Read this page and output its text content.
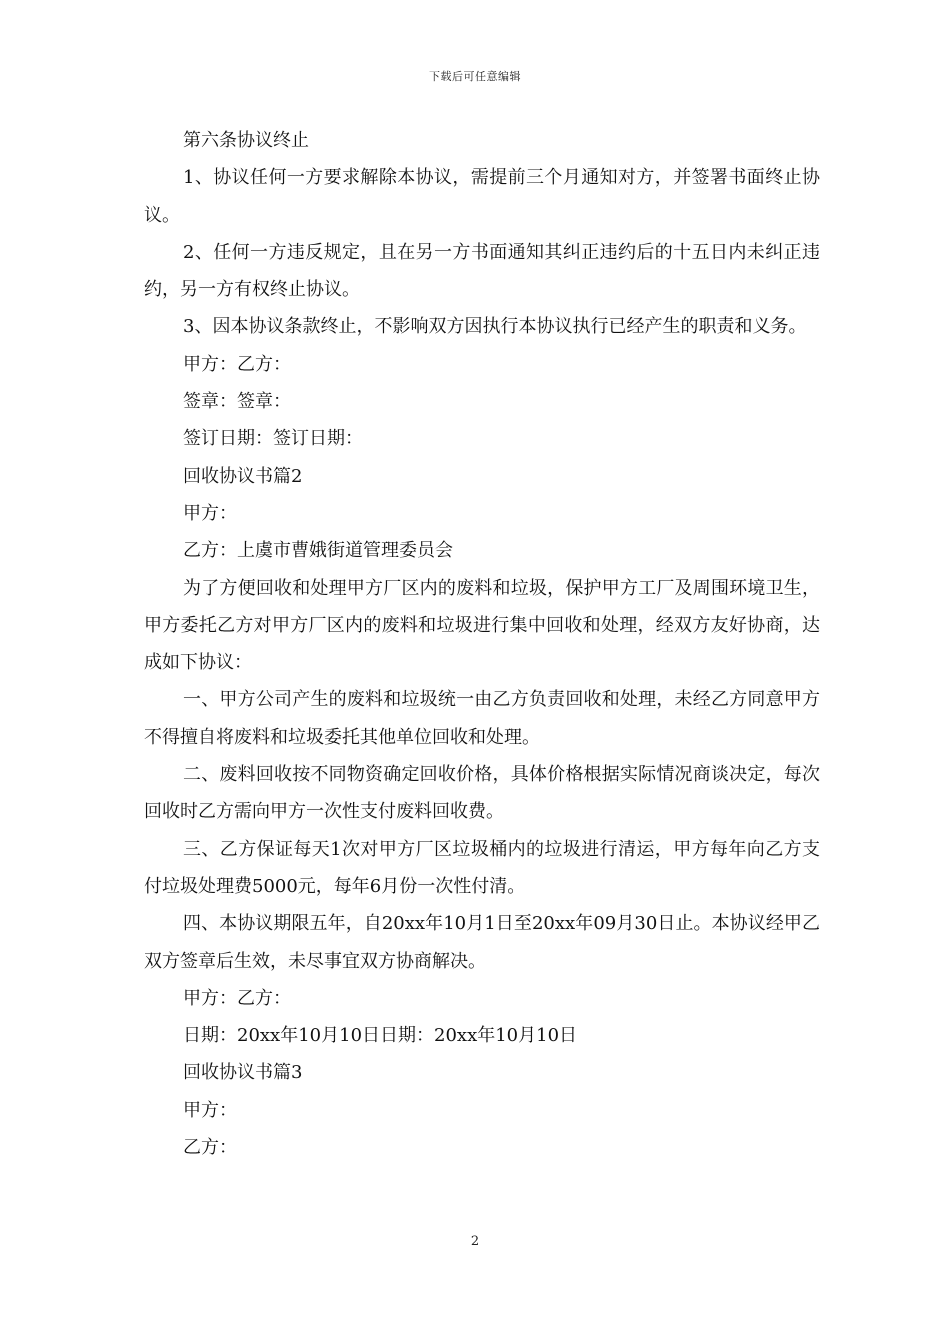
下载后可任意编辑

第六条协议终止

1、协议任何一方要求解除本协议，需提前三个月通知对方，并签署书面终止协议。

2、任何一方违反规定，且在另一方书面通知其纠正违约后的十五日内未纠正违约，另一方有权终止协议。

3、因本协议条款终止，不影响双方因执行本协议执行已经产生的职责和义务。

甲方：乙方：

签章：签章：

签订日期：签订日期：

回收协议书篇2

甲方：

乙方：上虞市曹娥街道管理委员会

为了方便回收和处理甲方厂区内的废料和垃圾，保护甲方工厂及周围环境卫生，甲方委托乙方对甲方厂区内的废料和垃圾进行集中回收和处理，经双方友好协商，达成如下协议：

一、甲方公司产生的废料和垃圾统一由乙方负责回收和处理，未经乙方同意甲方不得擅自将废料和垃圾委托其他单位回收和处理。

二、废料回收按不同物资确定回收价格，具体价格根据实际情况商谈决定，每次回收时乙方需向甲方一次性支付废料回收费。

三、乙方保证每天1次对甲方厂区垃圾桶内的垃圾进行清运，甲方每年向乙方支付垃圾处理费5000元，每年6月份一次性付清。

四、本协议期限五年，自20xx年10月1日至20xx年09月30日止。本协议经甲乙双方签章后生效，未尽事宜双方协商解决。

甲方：乙方：

日期：20xx年10月10日日期：20xx年10月10日

回收协议书篇3

甲方：

乙方：

2
